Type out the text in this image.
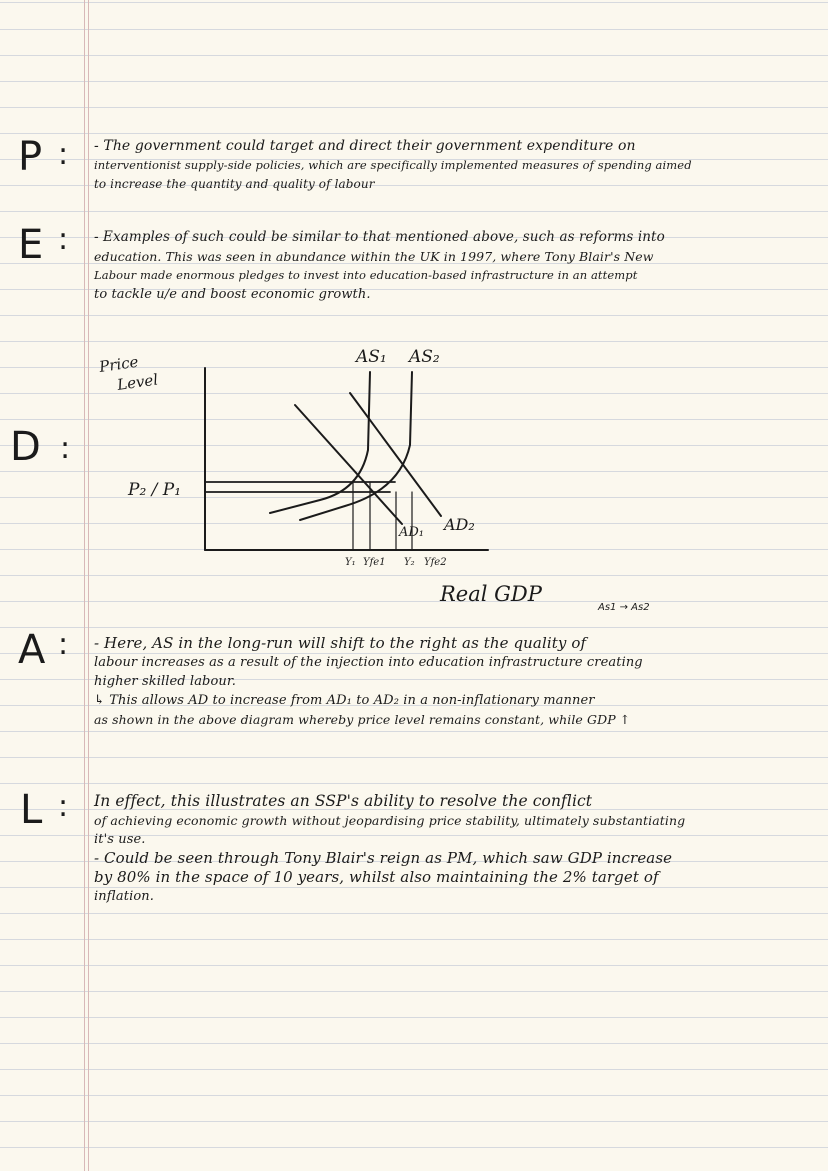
P : - The government could target and direct their government expenditure on
interventionist supply-side policies, which are specifically implemented measures of spending aimed
to increase the quantity and quality of labour
E : - Examples of such could be similar to that mentioned above, such as reforms into
education. This was seen in abundance within the UK in 1997, where Tony Blair's New
Labour made enormous pledges to invest into education-based infrastructure in an attempt
to tackle u/e and boost economic growth.
D :
Price
Level
AS₁ AS₂
P₂ / P₁
AD₁ AD₂
Y₁ Yfe1 Y₂ Yfe2
Real GDP
As1 → As2
A : - Here, AS in the long-run will shift to the right as the quality of
labour increases as a result of the injection into education infrastructure creating
higher skilled labour.
↳ This allows AD to increase from AD₁ to AD₂ in a non-inflationary manner
as shown in the above diagram whereby price level remains constant, while GDP ↑
L : In effect, this illustrates an SSP's ability to resolve the conflict
of achieving economic growth without jeopardising price stability, ultimately substantiating
it's use.
- Could be seen through Tony Blair's reign as PM, which saw GDP increase
by 80% in the space of 10 years, whilst also maintaining the 2% target of
inflation.
